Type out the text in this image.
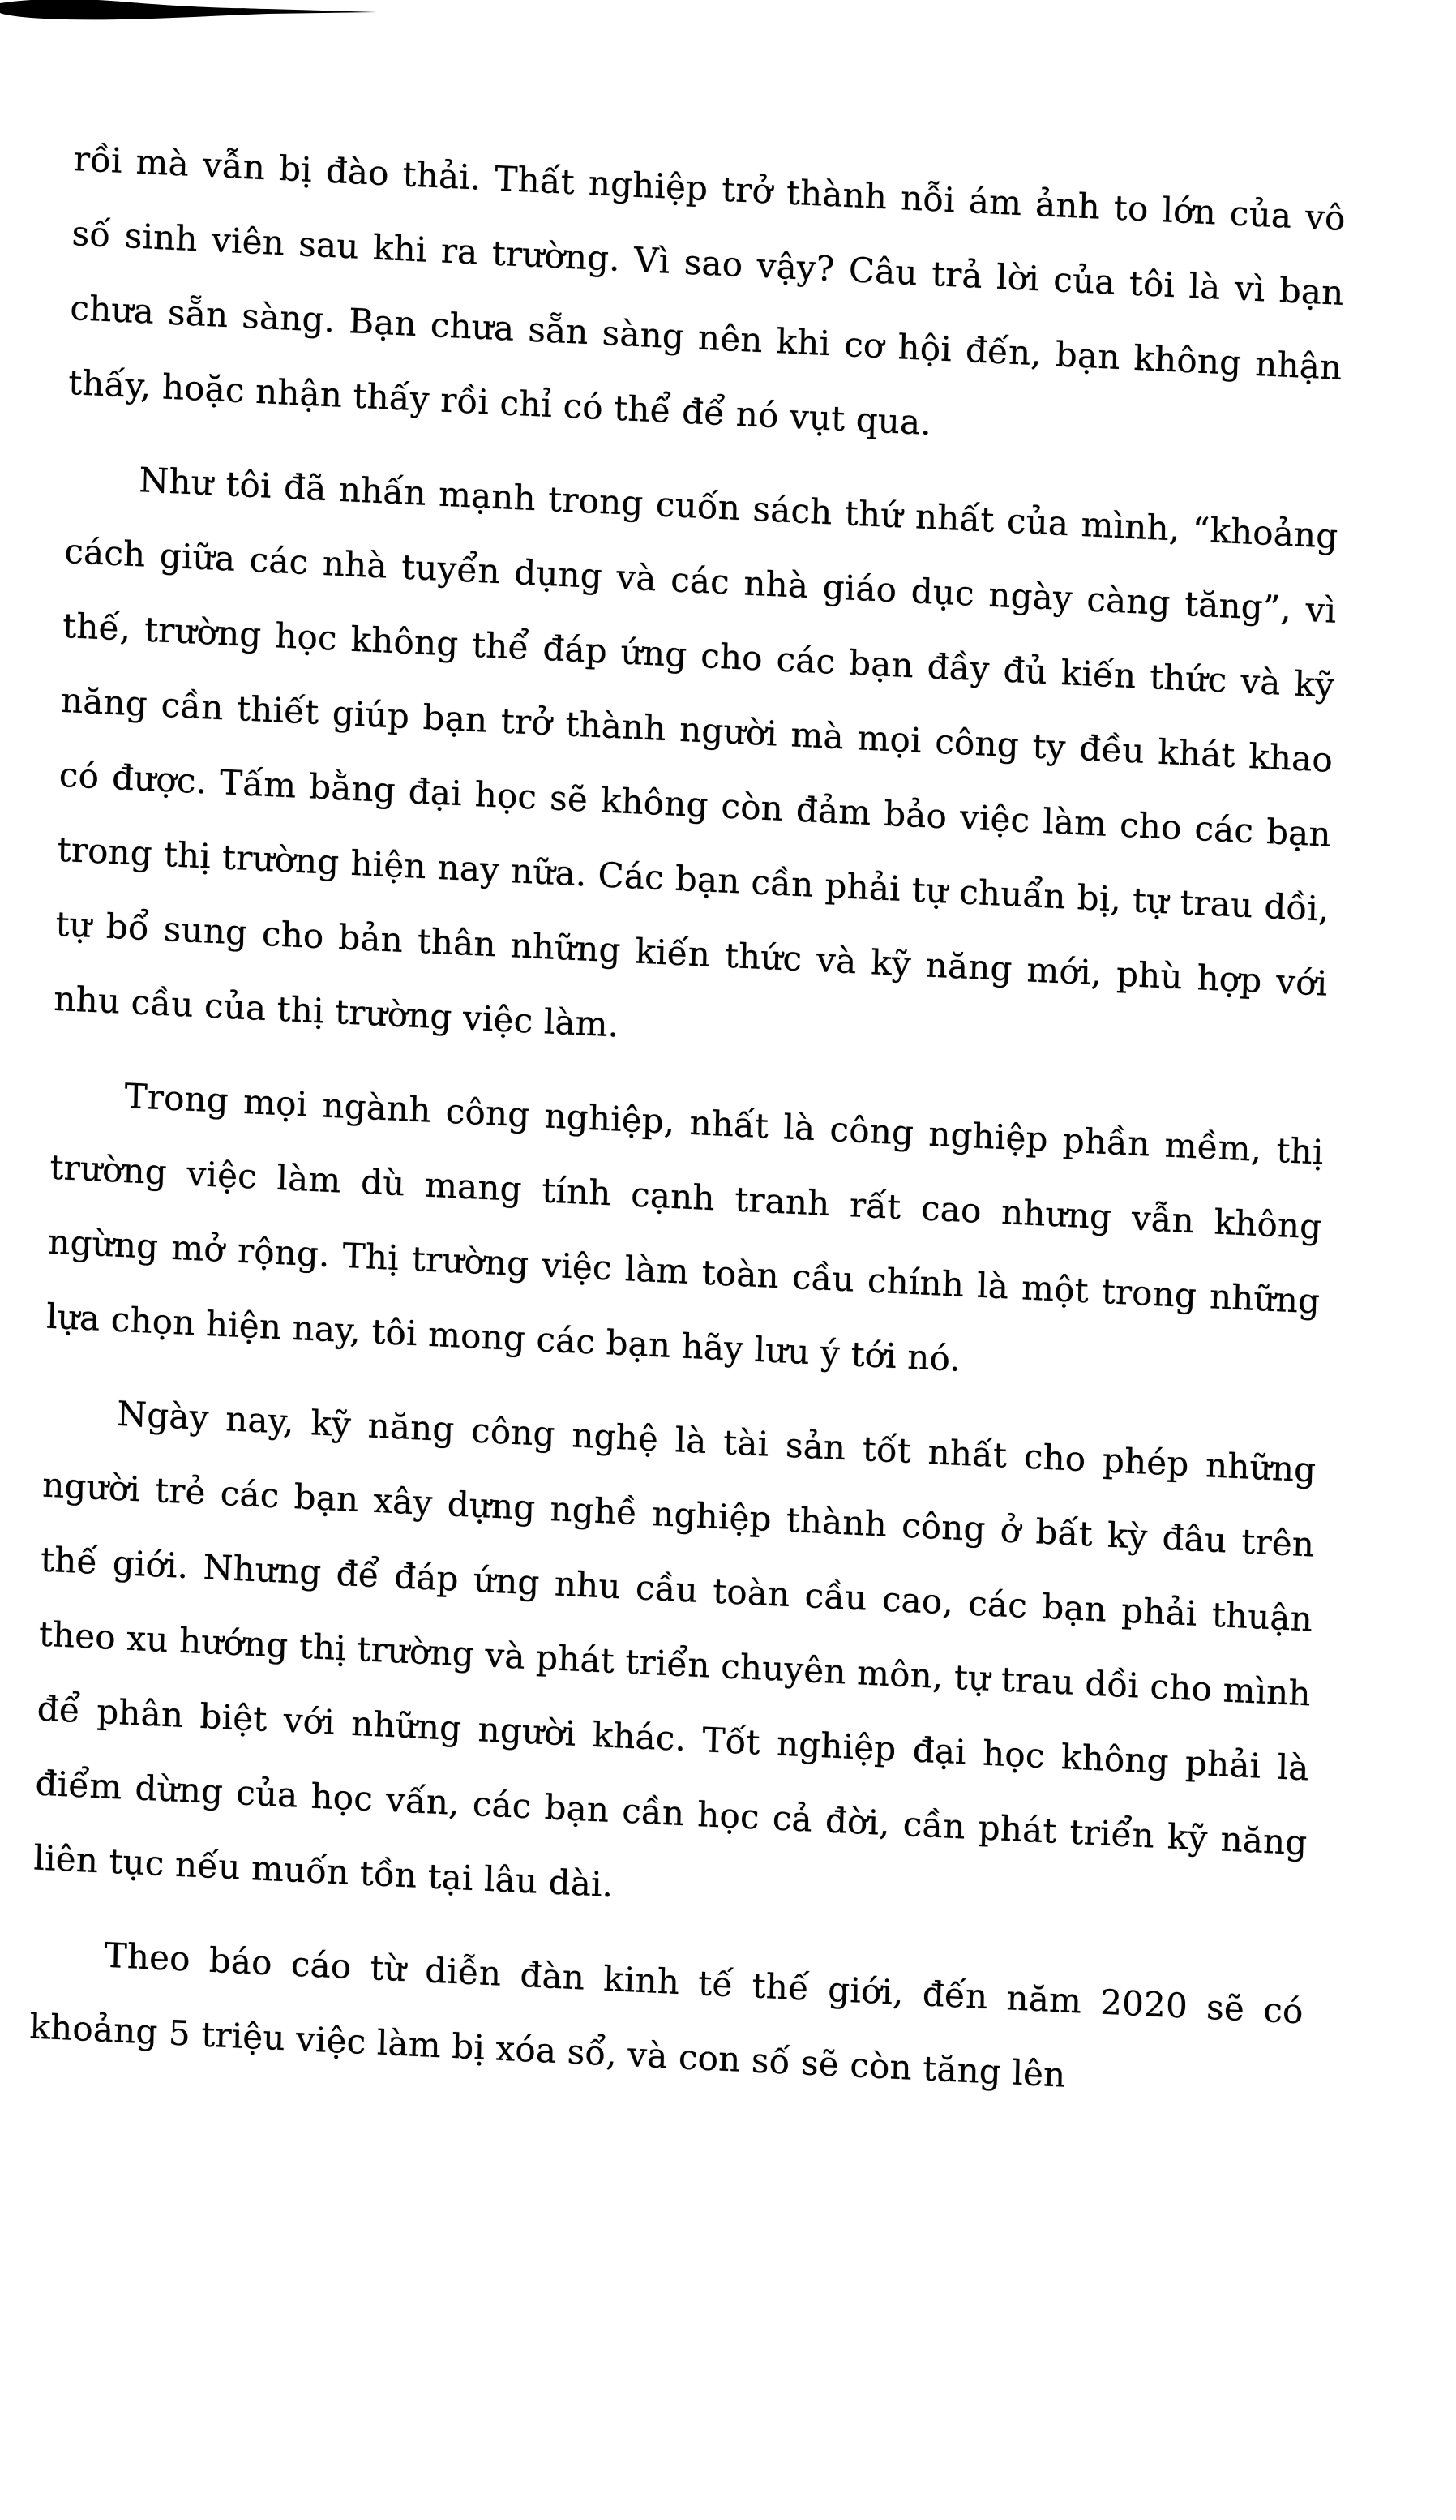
rồi mà vẫn bị đào thải. Thất nghiệp trở thành nỗi ám ảnh to lớn của vô số sinh viên sau khi ra trường. Vì sao vậy? Câu trả lời của tôi là vì bạn chưa sẵn sàng. Bạn chưa sẵn sàng nên khi cơ hội đến, bạn không nhận thấy, hoặc nhận thấy rồi chỉ có thể để nó vụt qua.

Như tôi đã nhấn mạnh trong cuốn sách thứ nhất của mình, “khoảng cách giữa các nhà tuyển dụng và các nhà giáo dục ngày càng tăng”, vì thế, trường học không thể đáp ứng cho các bạn đầy đủ kiến thức và kỹ năng cần thiết giúp bạn trở thành người mà mọi công ty đều khát khao có được. Tấm bằng đại học sẽ không còn đảm bảo việc làm cho các bạn trong thị trường hiện nay nữa. Các bạn cần phải tự chuẩn bị, tự trau dồi, tự bổ sung cho bản thân những kiến thức và kỹ năng mới, phù hợp với nhu cầu của thị trường việc làm.

Trong mọi ngành công nghiệp, nhất là công nghiệp phần mềm, thị trường việc làm dù mang tính cạnh tranh rất cao nhưng vẫn không ngừng mở rộng. Thị trường việc làm toàn cầu chính là một trong những lựa chọn hiện nay, tôi mong các bạn hãy lưu ý tới nó.

Ngày nay, kỹ năng công nghệ là tài sản tốt nhất cho phép những người trẻ các bạn xây dựng nghề nghiệp thành công ở bất kỳ đâu trên thế giới. Nhưng để đáp ứng nhu cầu toàn cầu cao, các bạn phải thuận theo xu hướng thị trường và phát triển chuyên môn, tự trau dồi cho mình để phân biệt với những người khác. Tốt nghiệp đại học không phải là điểm dừng của học vấn, các bạn cần học cả đời, cần phát triển kỹ năng liên tục nếu muốn tồn tại lâu dài.

Theo báo cáo từ diễn đàn kinh tế thế giới, đến năm 2020 sẽ có khoảng 5 triệu việc làm bị xóa sổ, và con số sẽ còn tăng lên
